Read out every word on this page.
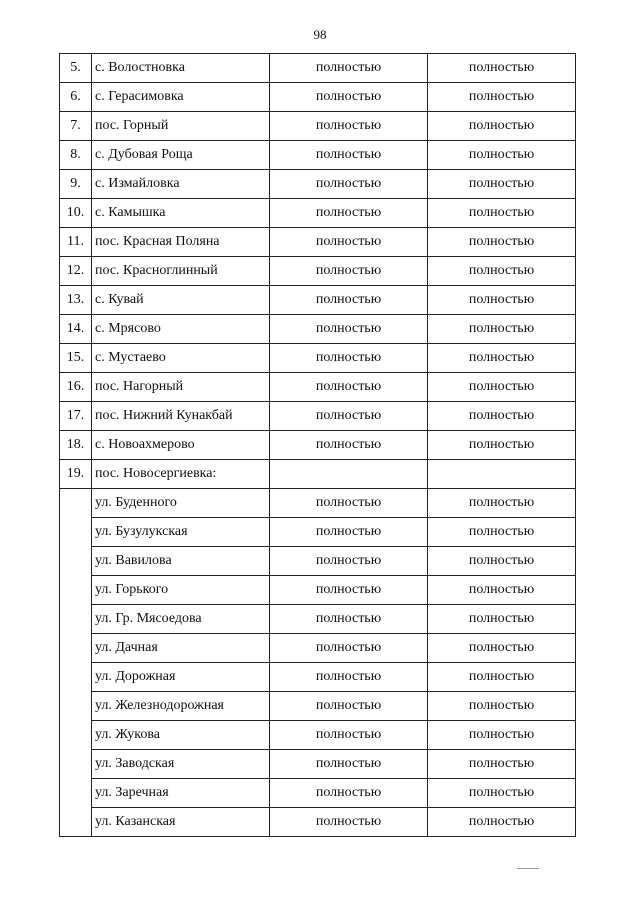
98
5.	с. Волостновка	полностью	полностью
6.	с. Герасимовка	полностью	полностью
7.	пос. Горный	полностью	полностью
8.	с. Дубовая Роща	полностью	полностью
9.	с. Измайловка	полностью	полностью
10.	с. Камышка	полностью	полностью
11.	пос. Красная Поляна	полностью	полностью
12.	пос. Красноглинный	полностью	полностью
13.	с. Кувай	полностью	полностью
14.	с. Мрясово	полностью	полностью
15.	с. Мустаево	полностью	полностью
16.	пос. Нагорный	полностью	полностью
17.	пос. Нижний Кунакбай	полностью	полностью
18.	с. Новоахмерово	полностью	полностью
19.	пос. Новосергиевка:		
	ул. Буденного	полностью	полностью
	ул. Бузулукская	полностью	полностью
	ул. Вавилова	полностью	полностью
	ул. Горького	полностью	полностью
	ул. Гр. Мясоедова	полностью	полностью
	ул. Дачная	полностью	полностью
	ул. Дорожная	полностью	полностью
	ул. Железнодорожная	полностью	полностью
	ул. Жукова	полностью	полностью
	ул. Заводская	полностью	полностью
	ул. Заречная	полностью	полностью
	ул. Казанская	полностью	полностью
